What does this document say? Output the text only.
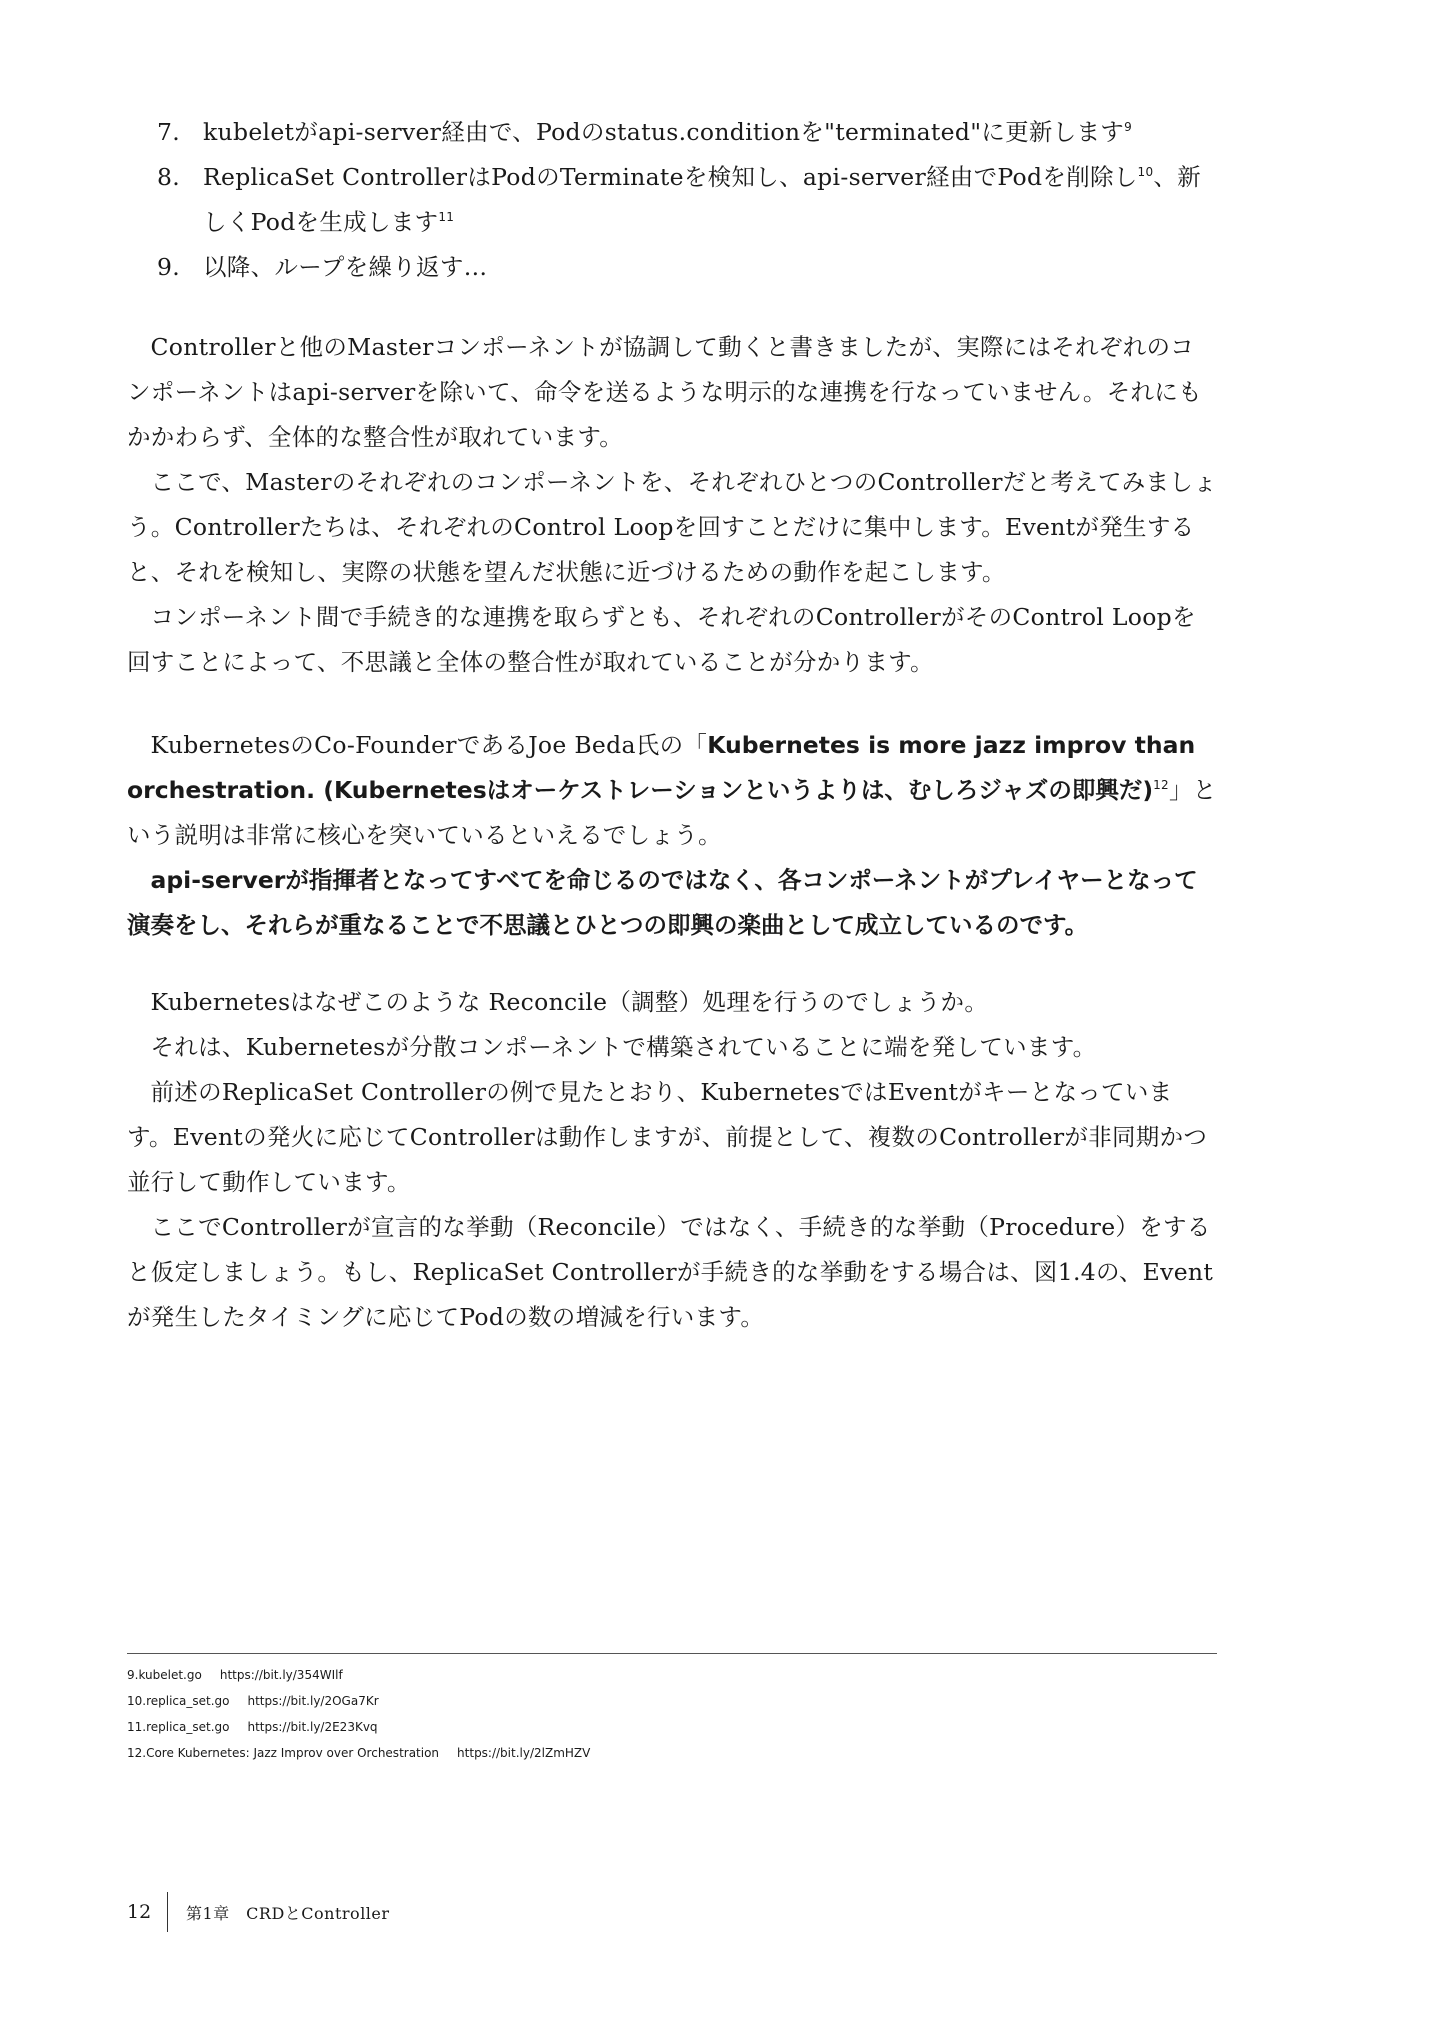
7. kubeletがapi-server経由で、Podのstatus.conditionを"terminated"に更新します$^9$
8. ReplicaSet ControllerはPodのTerminateを検知し、api-server経由でPodを削除し$^{10}$、新しくPodを生成します$^{11}$
9. 以降、ループを繰り返す…

Controllerと他のMasterコンポーネントが協調して動くと書きましたが、実際にはそれぞれのコンポーネントはapi-serverを除いて、命令を送るような明示的な連携を行なっていません。それにもかかわらず、全体的な整合性が取れています。

ここで、Masterのそれぞれのコンポーネントを、それぞれひとつのControllerだと考えてみましょう。Controllerたちは、それぞれのControl Loopを回すことだけに集中します。Eventが発生すると、それを検知し、実際の状態を望んだ状態に近づけるための動作を起こします。

コンポーネント間で手続き的な連携を取らずとも、それぞれのControllerがそのControl Loopを回すことによって、不思議と全体の整合性が取れていることが分かります。

KubernetesのCo-FounderであるJoe Beda氏の「Kubernetes is more jazz improv than orchestration. (Kubernetesはオーケストレーションというよりは、むしろジャズの即興だ)$^{12}$」という説明は非常に核心を突いているといえるでしょう。

api-serverが指揮者となってすべてを命じるのではなく、各コンポーネントがプレイヤーとなって演奏をし、それらが重なることで不思議とひとつの即興の楽曲として成立しているのです。

Kubernetesはなぜこのような Reconcile（調整）処理を行うのでしょうか。

それは、Kubernetesが分散コンポーネントで構築されていることに端を発しています。

前述のReplicaSet Controllerの例で見たとおり、KubernetesではEventがキーとなっています。Eventの発火に応じてControllerは動作しますが、前提として、複数のControllerが非同期かつ並行して動作しています。

ここでControllerが宣言的な挙動（Reconcile）ではなく、手続き的な挙動（Procedure）をすると仮定しましょう。もし、ReplicaSet Controllerが手続き的な挙動をする場合は、図1.4の、Eventが発生したタイミングに応じてPodの数の増減を行います。

9.kubelet.go https://bit.ly/354WIlf
10.replica_set.go https://bit.ly/2OGa7Kr
11.replica_set.go https://bit.ly/2E23Kvq
12.Core Kubernetes: Jazz Improv over Orchestration https://bit.ly/2lZmHZV
12	第1章　CRDとController
